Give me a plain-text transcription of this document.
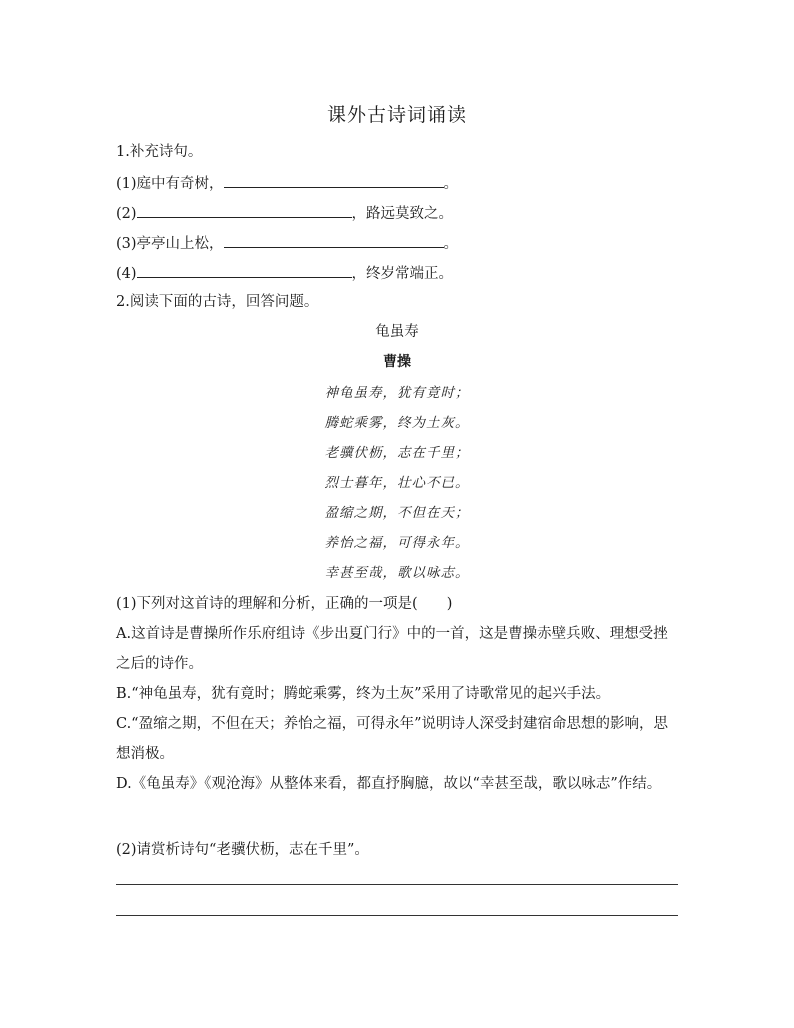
课外古诗词诵读
1.补充诗句。
(1)庭中有奇树，	。
(2)	，路远莫致之。
(3)亭亭山上松，	。
(4)	，终岁常端正。
2.阅读下面的古诗，回答问题。
龟虽寿
曹操
神龟虽寿，犹有竟时；
腾蛇乘雾，终为土灰。
老骥伏枥，志在千里；
烈士暮年，壮心不已。
盈缩之期，不但在天；
养怡之福，可得永年。
幸甚至哉，歌以咏志。
(1)下列对这首诗的理解和分析，正确的一项是(　　)
A.这首诗是曹操所作乐府组诗《步出夏门行》中的一首，这是曹操赤壁兵败、理想受挫之后的诗作。
B.“神龟虽寿，犹有竟时；腾蛇乘雾，终为土灰”采用了诗歌常见的起兴手法。
C.“盈缩之期，不但在天；养怡之福，可得永年”说明诗人深受封建宿命思想的影响，思想消极。
D.《龟虽寿》《观沧海》从整体来看，都直抒胸臆，故以“幸甚至哉，歌以咏志”作结。
(2)请赏析诗句“老骥伏枥，志在千里”。
